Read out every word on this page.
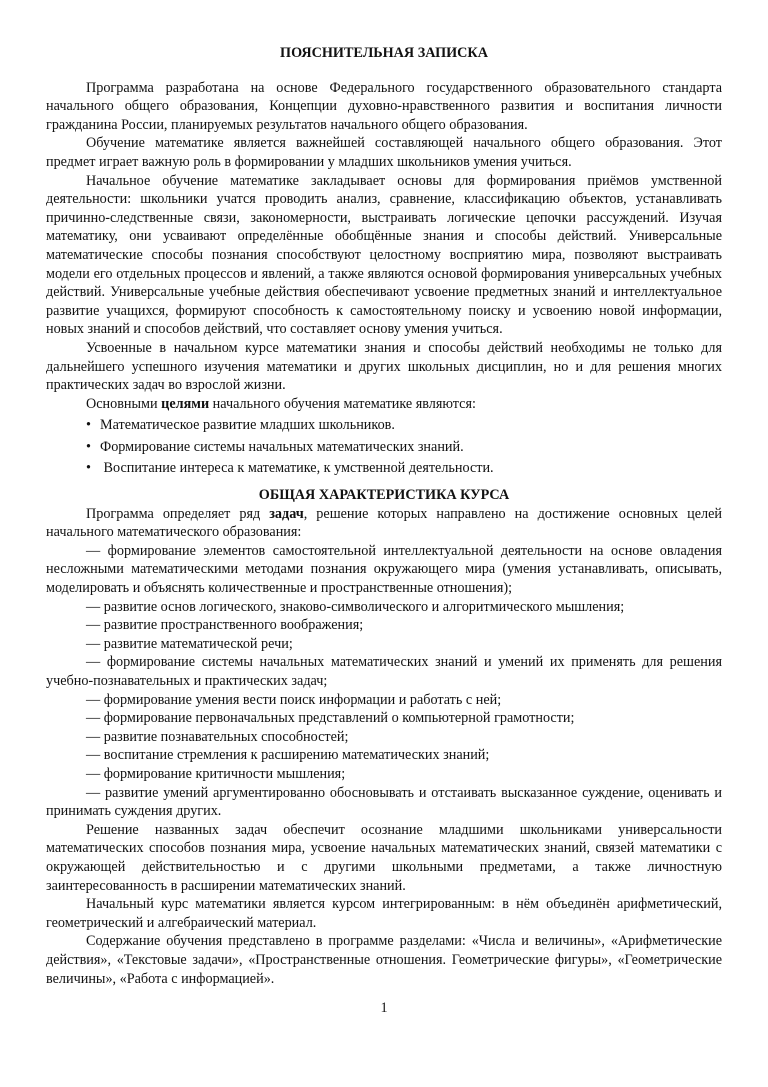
ПОЯСНИТЕЛЬНАЯ ЗАПИСКА

Программа разработана на основе Федерального государственного образовательного стандарта начального общего образования, Концепции духовно-нравственного развития и воспитания личности гражданина России, планируемых результатов начального общего образования.

Обучение математике является важнейшей составляющей начального общего образования. Этот предмет играет важную роль в формировании у младших школьников умения учиться.

Начальное обучение математике закладывает основы для формирования приёмов умственной деятельности: школьники учатся проводить анализ, сравнение, классификацию объектов, устанавливать причинно-следственные связи, закономерности, выстраивать логические цепочки рассуждений. Изучая математику, они усваивают определённые обобщённые знания и способы действий. Универсальные математические способы познания способствуют целостному восприятию мира, позволяют выстраивать модели его отдельных процессов и явлений, а также являются основой формирования универсальных учебных действий. Универсальные учебные действия обеспечивают усвоение предметных знаний и интеллектуальное развитие учащихся, формируют способность к самостоятельному поиску и усвоению новой информации, новых знаний и способов действий, что составляет основу умения учиться.

Усвоенные в начальном курсе математики знания и способы действий необходимы не только для дальнейшего успешного изучения математики и других школьных дисциплин, но и для решения многих практических задач во взрослой жизни.

Основными целями начального обучения математике являются:

• Математическое развитие младших школьников.
• Формирование системы начальных математических знаний.
• Воспитание интереса к математике, к умственной деятельности.
ОБЩАЯ ХАРАКТЕРИСТИКА КУРСА

Программа определяет ряд задач, решение которых направлено на достижение основных целей начального математического образования:

— формирование элементов самостоятельной интеллектуальной деятельности на основе овладения несложными математическими методами познания окружающего мира (умения устанавливать, описывать, моделировать и объяснять количественные и пространственные отношения);

— развитие основ логического, знаково-символического и алгоритмического мышления;

— развитие пространственного воображения;

— развитие математической речи;

— формирование системы начальных математических знаний и умений их применять для решения учебно-познавательных и практических задач;

— формирование умения вести поиск информации и работать с ней;

— формирование первоначальных представлений о компьютерной грамотности;

— развитие познавательных способностей;

— воспитание стремления к расширению математических знаний;

— формирование критичности мышления;

— развитие умений аргументированно обосновывать и отстаивать высказанное суждение, оценивать и принимать суждения других.

Решение названных задач обеспечит осознание младшими школьниками универсальности математических способов познания мира, усвоение начальных математических знаний, связей математики с окружающей действительностью и с другими школьными предметами, а также личностную заинтересованность в расширении математических знаний.

Начальный курс математики является курсом интегрированным: в нём объединён арифметический, геометрический и алгебраический материал.

Содержание обучения представлено в программе разделами: «Числа и величины», «Арифметические действия», «Текстовые задачи», «Пространственные отношения. Геометрические фигуры», «Геометрические величины», «Работа с информацией».

1
